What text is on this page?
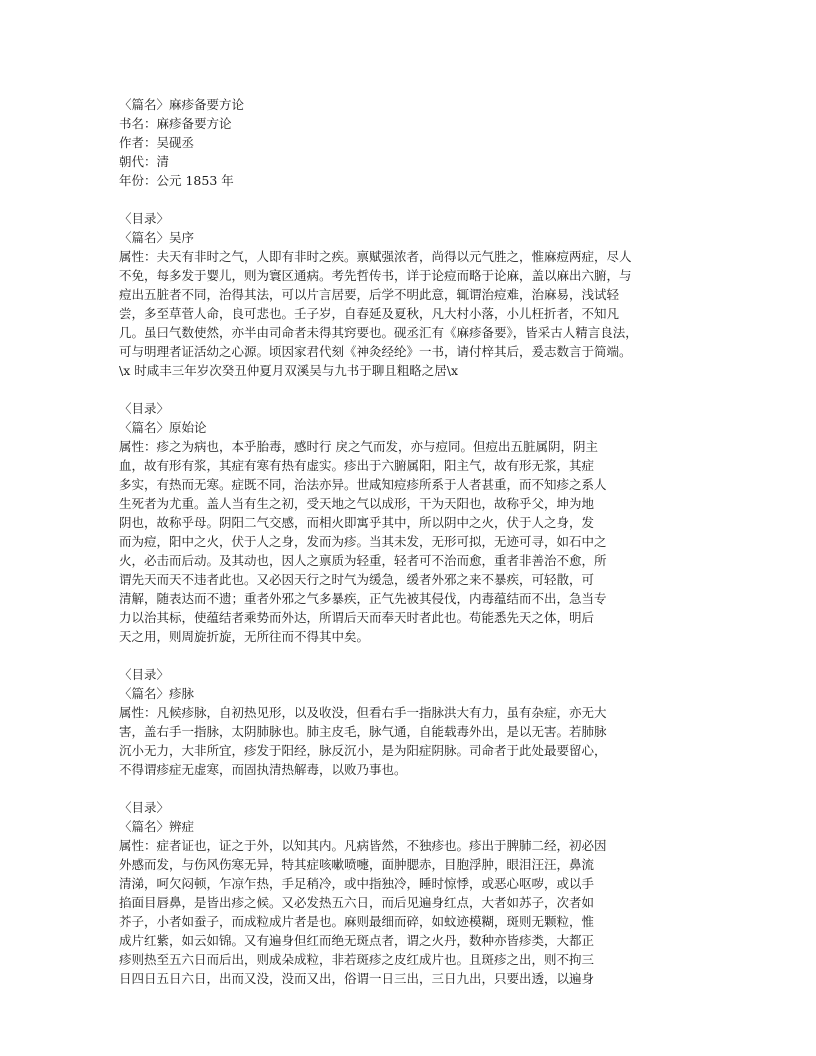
〈篇名〉麻疹备要方论
书名：麻疹备要方论
作者：吴砚丞
朝代：清
年份：公元 1853 年
〈目录〉
〈篇名〉吴序
属性：夫天有非时之气，人即有非时之疾。禀赋强浓者，尚得以元气胜之，惟麻痘两症，尽人
不免，每多发于婴儿，则为寰区通病。考先哲传书，详于论痘而略于论麻，盖以麻出六腑，与
痘出五脏者不同，治得其法，可以片言居要，后学不明此意，辄谓治痘难，治麻易，浅试轻
尝，多至草菅人命，良可悲也。壬子岁，自春延及夏秋，凡大村小落，小儿枉折者，不知凡
几。虽曰气数使然，亦半由司命者未得其窍要也。砚丞汇有《麻疹备要》，皆采古人精言良法，
可与明理者证活幼之心源。顷因家君代刻《神灸经纶》一书，请付梓其后，爰志数言于简端。
\x 时咸丰三年岁次癸丑仲夏月双溪吴与九书于聊且粗略之居\x
〈目录〉
〈篇名〉原始论
属性：疹之为病也，本乎胎毒，感时行 戾之气而发，亦与痘同。但痘出五脏属阴，阴主
血，故有形有浆，其症有寒有热有虚实。疹出于六腑属阳，阳主气，故有形无浆，其症
多实，有热而无寒。症既不同，治法亦异。世咸知痘疹所系于人者甚重，而不知疹之系人
生死者为尤重。盖人当有生之初，受天地之气以成形，干为天阳也，故称乎父，坤为地
阴也，故称乎母。阴阳二气交感，而相火即寓乎其中，所以阴中之火，伏于人之身，发
而为痘，阳中之火，伏于人之身，发而为疹。当其未发，无形可拟，无迹可寻，如石中之
火，必击而后动。及其动也，因人之禀质为轻重，轻者可不治而愈，重者非善治不愈，所
谓先天而天不违者此也。又必因天行之时气为缓急，缓者外邪之来不暴疾，可轻散，可
清解，随表达而不遗；重者外邪之气多暴疾，正气先被其侵伐，内毒蕴结而不出，急当专
力以治其标，使蕴结者乘势而外达，所谓后天而奉天时者此也。苟能悉先天之体，明后
天之用，则周旋折旋，无所往而不得其中矣。
〈目录〉
〈篇名〉疹脉
属性：凡候疹脉，自初热见形，以及收没，但看右手一指脉洪大有力，虽有杂症，亦无大
害，盖右手一指脉，太阴肺脉也。肺主皮毛，脉气通，自能载毒外出，是以无害。若肺脉
沉小无力，大非所宜，疹发于阳经，脉反沉小，是为阳症阴脉。司命者于此处最要留心，
不得谓疹症无虚寒，而固执清热解毒，以败乃事也。
〈目录〉
〈篇名〉辨症
属性：症者证也，证之于外，以知其内。凡病皆然，不独疹也。疹出于脾肺二经，初必因
外感而发，与伤风伤寒无异，特其症咳嗽喷嚏，面肿腮赤，目胞浮肿，眼泪汪汪，鼻流
清涕，呵欠闷顿，乍凉乍热，手足稍冷，或中指独冷，睡时惊悸，或恶心呕哕，或以手
掐面目唇鼻，是皆出疹之候。又必发热五六日，而后见遍身红点，大者如苏子，次者如
芥子，小者如蚕子，而成粒成片者是也。麻则最细而碎，如蚊迹模糊，斑则无颗粒，惟
成片红紫，如云如锦。又有遍身但红而绝无斑点者，谓之火丹，数种亦皆疹类，大都正
疹则热至五六日而后出，则成朵成粒，非若斑疹之皮红成片也。且斑疹之出，则不拘三
日四日五日六日，出而又没，没而又出，俗谓一日三出，三日九出，只要出透，以遍身
